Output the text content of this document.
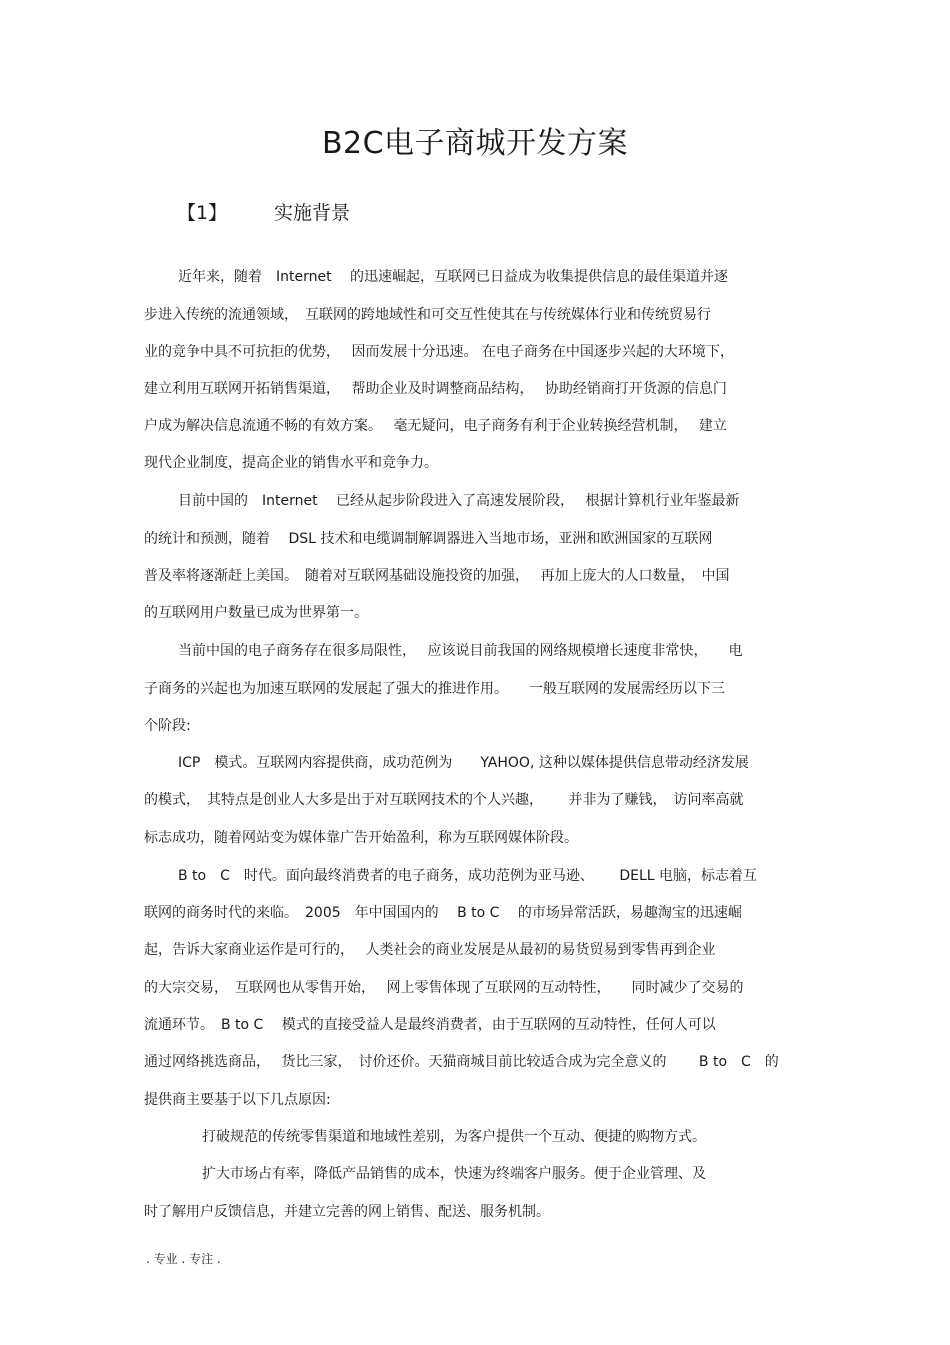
B2C电子商城开发方案
【1】 实施背景
近年来，随着　Internet　 的迅速崛起，互联网已日益成为收集提供信息的最佳渠道并逐
步进入传统的流通领域，　互联网的跨地域性和可交互性使其在与传统媒体行业和传统贸易行
业的竞争中具不可抗拒的优势，　 因而发展十分迅速。 在电子商务在中国逐步兴起的大环境下，
建立利用互联网开拓销售渠道，　 帮助企业及时调整商品结构，　 协助经销商打开货源的信息门
户成为解决信息流通不畅的有效方案。　 毫无疑问，电子商务有利于企业转换经营机制，　 建立
现代企业制度，提高企业的销售水平和竞争力。
目前中国的　Internet　 已经从起步阶段进入了高速发展阶段，　 根据计算机行业年鉴最新
的统计和预测，随着　 DSL 技术和电缆调制解调器进入当地市场，亚洲和欧洲国家的互联网
普及率将逐渐赶上美国。　随着对互联网基础设施投资的加强，　 再加上庞大的人口数量，　中国
的互联网用户数量已成为世界第一。
当前中国的电子商务存在很多局限性，　 应该说目前我国的网络规模增长速度非常快，　　电
子商务的兴起也为加速互联网的发展起了强大的推进作用。　　一般互联网的发展需经历以下三
个阶段:
ICP　模式。互联网内容提供商，成功范例为　　YAHOO, 这种以媒体提供信息带动经济发展
的模式，　其特点是创业人大多是出于对互联网技术的个人兴趣，　　 并非为了赚钱，　访问率高就
标志成功，随着网站变为媒体靠广告开始盈利，称为互联网媒体阶段。
B to　C　时代。面向最终消费者的电子商务，成功范例为亚马逊、　　 DELL 电脑，标志着互
联网的商务时代的来临。　2005　年中国国内的　 B to C　 的市场异常活跃，易趣淘宝的迅速崛
起，告诉大家商业运作是可行的，　 人类社会的商业发展是从最初的易货贸易到零售再到企业
的大宗交易，　互联网也从零售开始，　 网上零售体现了互联网的互动特性，　　同时减少了交易的
流通环节。　B to C　 模式的直接受益人是最终消费者，由于互联网的互动特性，任何人可以
通过网络挑选商品，　 货比三家，　讨价还价。天猫商城目前比较适合成为完全意义的　　 B to　C　的
提供商主要基于以下几点原因:
打破规范的传统零售渠道和地域性差别，为客户提供一个互动、便捷的购物方式。
扩大市场占有率，降低产品销售的成本，快速为终端客户服务。便于企业管理、及
时了解用户反馈信息，并建立完善的网上销售、配送、服务机制。
. 专业 . 专注 .
